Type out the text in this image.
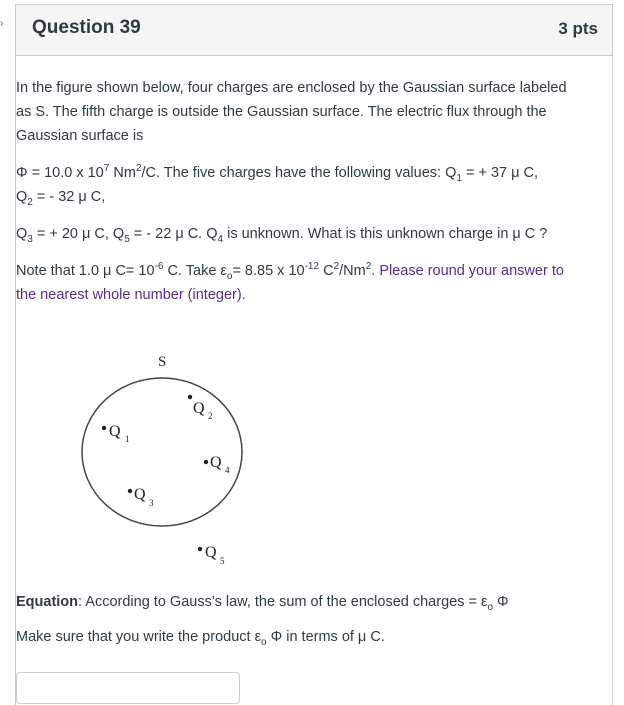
› Question 39	3 pts

In the figure shown below, four charges are enclosed by the Gaussian surface labeled as S. The fifth charge is outside the Gaussian surface. The electric flux through the Gaussian surface is

Φ = 10.0 x $10^7$ Nm$^2$/C. The five charges have the following values: $Q_1$ = + 37 μ C,
$Q_2$ = - 32 μ C,

$Q_3$ = + 20 μ C, $Q_5$ = - 22 μ C. $Q_4$ is unknown. What is this unknown charge in μ C ?

Note that 1.0 μ $C= 10^{-6}$ C. Take $\varepsilon_o= 8.85$ x $10^{-12}$ $C^2/Nm^2$. Please round your answer to the nearest whole number (integer).

S
Q 1
Q 2
Q 3
Q 4
Q 5

Equation: According to Gauss's law, the sum of the enclosed charges = $\varepsilon_o$ Φ

Make sure that you write the product $\varepsilon_o$ Φ in terms of μ C.
